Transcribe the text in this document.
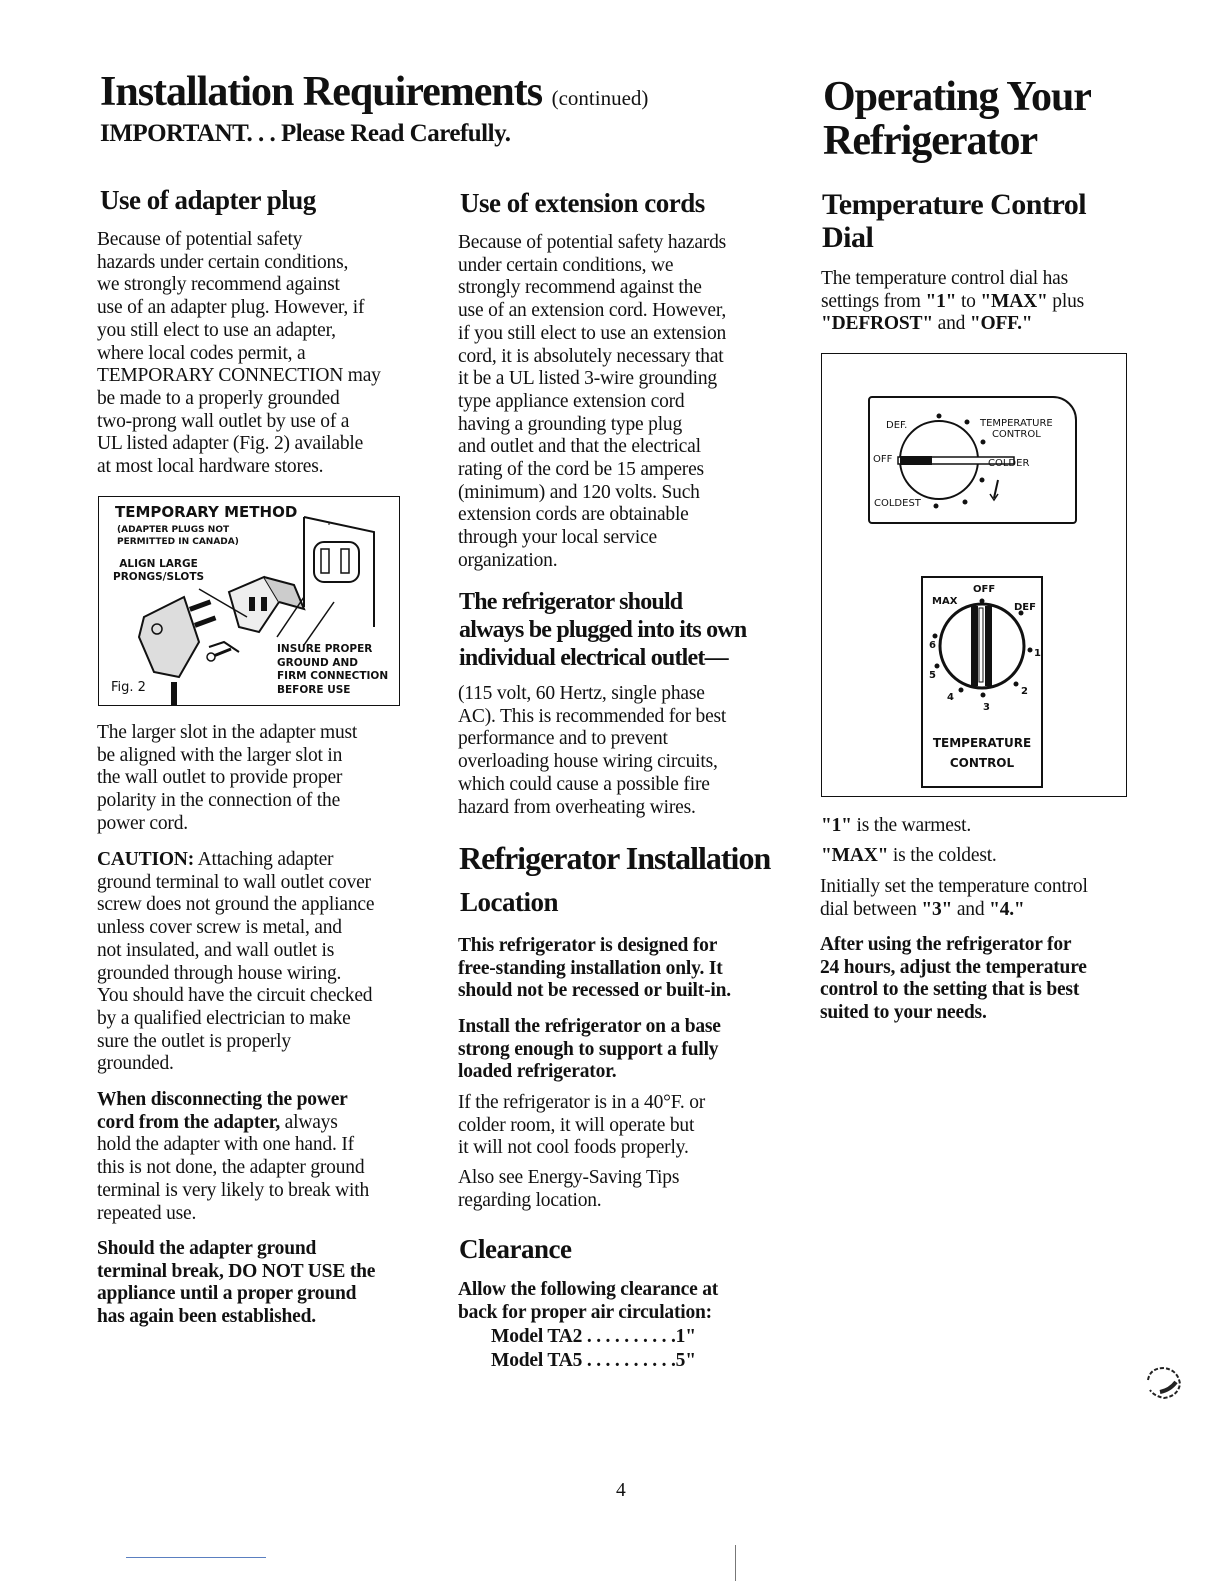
Installation Requirements (continued)
IMPORTANT. . . Please Read Carefully.
Operating Your
Refrigerator
Use of adapter plug

Because of potential safety
hazards under certain conditions,
we strongly recommend against
use of an adapter plug. However, if
you still elect to use an adapter,
where local codes permit, a
TEMPORARY CONNECTION may
be made to a properly grounded
two-prong wall outlet by use of a
UL listed adapter (Fig. 2) available
at most local hardware stores.

TEMPORARY METHOD
(ADAPTER PLUGS NOT
PERMITTED IN CANADA)
ALIGN LARGE
PRONGS/SLOTS
INSURE PROPER
GROUND AND
FIRM CONNECTION
BEFORE USE
Fig. 2

The larger slot in the adapter must
be aligned with the larger slot in
the wall outlet to provide proper
polarity in the connection of the
power cord.

CAUTION: Attaching adapter
ground terminal to wall outlet cover
screw does not ground the appliance
unless cover screw is metal, and
not insulated, and wall outlet is
grounded through house wiring.
You should have the circuit checked
by a qualified electrician to make
sure the outlet is properly
grounded.

When disconnecting the power
cord from the adapter, always
hold the adapter with one hand. If
this is not done, the adapter ground
terminal is very likely to break with
repeated use.

Should the adapter ground
terminal break, DO NOT USE the
appliance until a proper ground
has again been established.

Use of extension cords

Because of potential safety hazards
under certain conditions, we
strongly recommend against the
use of an extension cord. However,
if you still elect to use an extension
cord, it is absolutely necessary that
it be a UL listed 3-wire grounding
type appliance extension cord
having a grounding type plug
and outlet and that the electrical
rating of the cord be 15 amperes
(minimum) and 120 volts. Such
extension cords are obtainable
through your local service
organization.

The refrigerator should
always be plugged into its own
individual electrical outlet—

(115 volt, 60 Hertz, single phase
AC). This is recommended for best
performance and to prevent
overloading house wiring circuits,
which could cause a possible fire
hazard from overheating wires.

Refrigerator Installation
Location

This refrigerator is designed for
free-standing installation only. It
should not be recessed or built-in.

Install the refrigerator on a base
strong enough to support a fully
loaded refrigerator.

If the refrigerator is in a 40°F. or
colder room, it will operate but
it will not cool foods properly.

Also see Energy-Saving Tips
regarding location.

Clearance

Allow the following clearance at
back for proper air circulation:

Model TA2 . . . . . . . . . .1"
Model TA5 . . . . . . . . . .5"
Temperature Control
Dial

The temperature control dial has
settings from "1" to "MAX" plus
"DEFROST" and "OFF."

DEF.	TEMPERATURE
CONTROL
OFF	COLDER
COLDEST
OFF
MAX
DEF
1
2
3
4
5
6
TEMPERATURE
CONTROL

"1" is the warmest.

"MAX" is the coldest.

Initially set the temperature control
dial between "3" and "4."

After using the refrigerator for
24 hours, adjust the temperature
control to the setting that is best
suited to your needs.

4
